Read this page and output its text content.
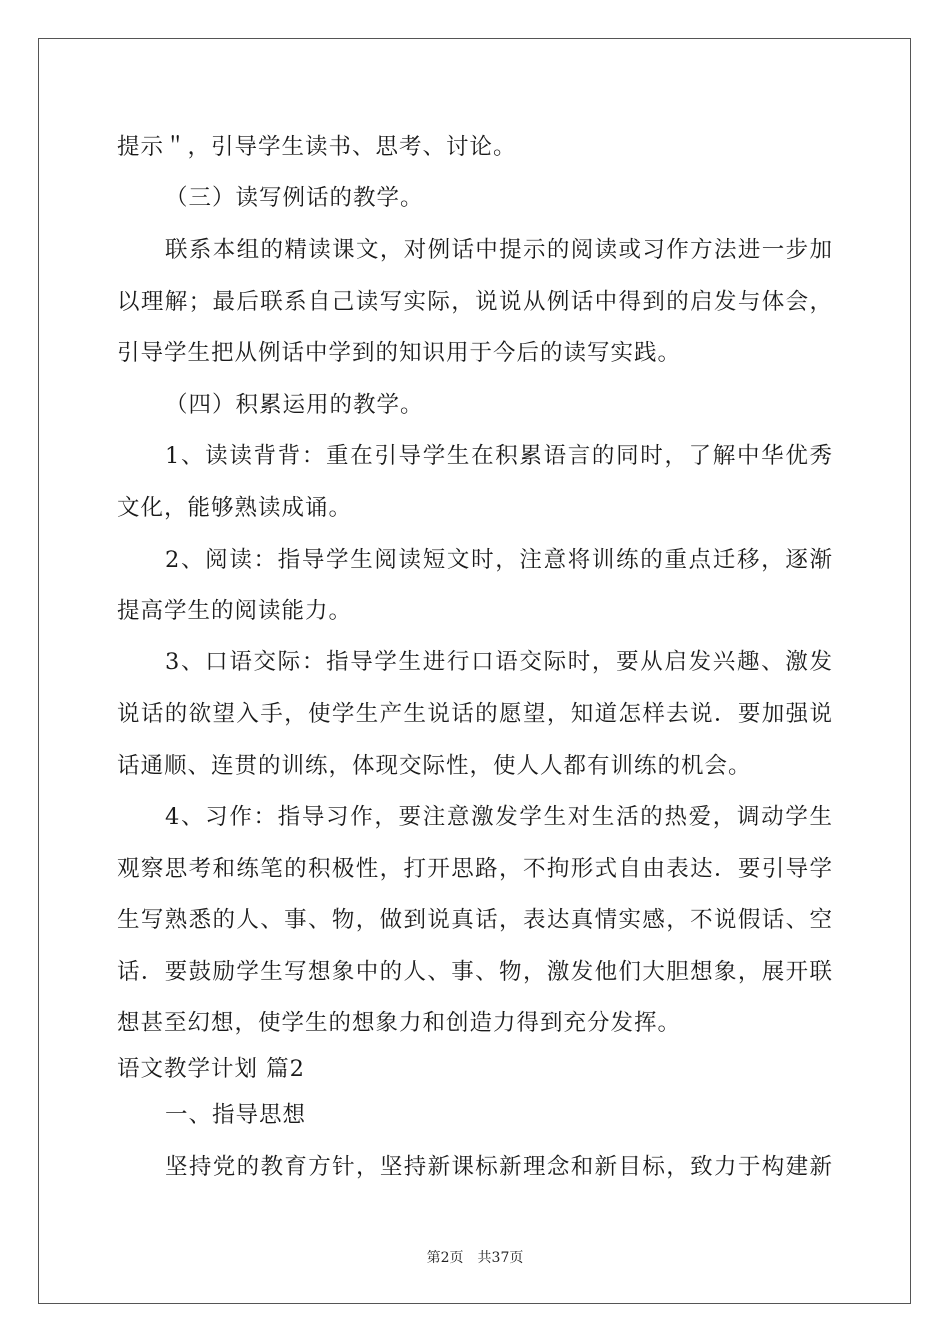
提示＂，引导学生读书、思考、讨论。
（三）读写例话的教学。
联系本组的精读课文，对例话中提示的阅读或习作方法进一步加
以理解；最后联系自己读写实际，说说从例话中得到的启发与体会，
引导学生把从例话中学到的知识用于今后的读写实践。
（四）积累运用的教学。
1、读读背背：重在引导学生在积累语言的同时，了解中华优秀
文化，能够熟读成诵。
2、阅读：指导学生阅读短文时，注意将训练的重点迁移，逐渐
提高学生的阅读能力。
3、口语交际：指导学生进行口语交际时，要从启发兴趣、激发
说话的欲望入手，使学生产生说话的愿望，知道怎样去说．要加强说
话通顺、连贯的训练，体现交际性，使人人都有训练的机会。
4、习作：指导习作，要注意激发学生对生活的热爱，调动学生
观察思考和练笔的积极性，打开思路，不拘形式自由表达．要引导学
生写熟悉的人、事、物，做到说真话，表达真情实感，不说假话、空
话．要鼓励学生写想象中的人、事、物，激发他们大胆想象，展开联
想甚至幻想，使学生的想象力和创造力得到充分发挥。
语文教学计划 篇2
一、指导思想
坚持党的教育方针，坚持新课标新理念和新目标，致力于构建新
第2页 共37页
